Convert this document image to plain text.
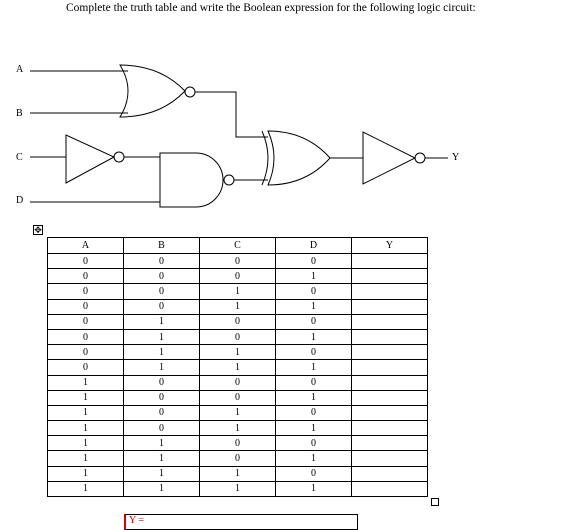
Complete the truth table and write the Boolean expression for the following logic circuit:
A
B
C
D
Y
✥
A	B	C	D	Y
0	0	0	0	
0	0	0	1	
0	0	1	0	
0	0	1	1	
0	1	0	0	
0	1	0	1	
0	1	1	0	
0	1	1	1	
1	0	0	0	
1	0	0	1	
1	0	1	0	
1	0	1	1	
1	1	0	0	
1	1	0	1	
1	1	1	0	
1	1	1	1	
Y =
